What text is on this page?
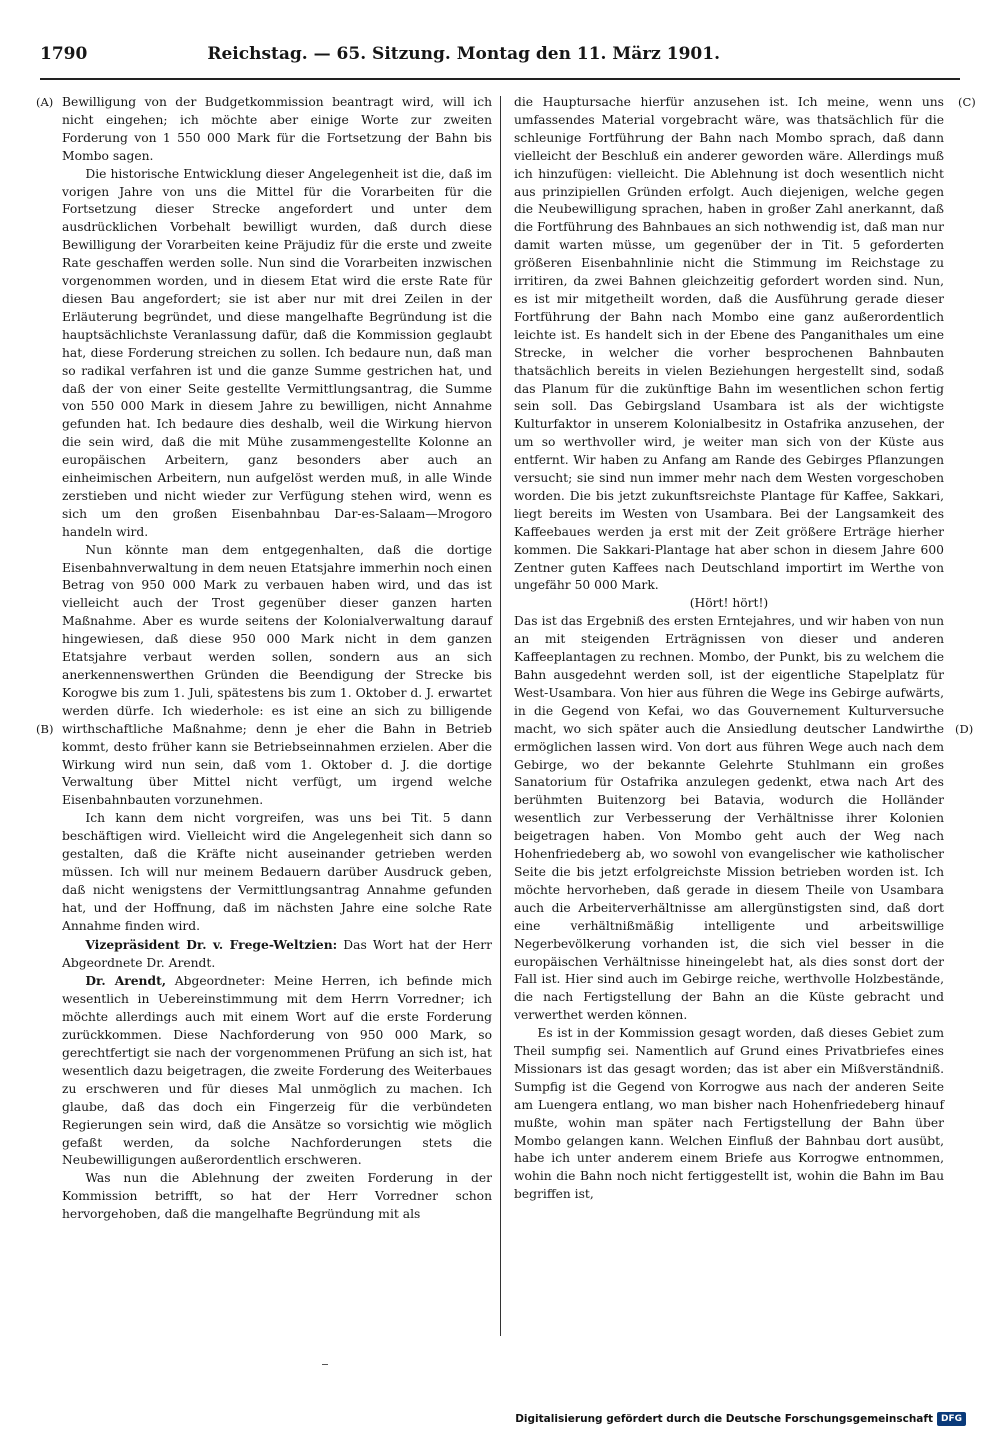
1790	Reichstag. — 65. Sitzung. Montag den 11. März 1901.
(A)
(B)
(C)
(D)

Bewilligung von der Budgetkommission beantragt wird, will ich nicht eingehen; ich möchte aber einige Worte zur zweiten Forderung von 1 550 000 Mark für die Fortsetzung der Bahn bis Mombo sagen.

Die historische Entwicklung dieser Angelegenheit ist die, daß im vorigen Jahre von uns die Mittel für die Vorarbeiten für die Fortsetzung dieser Strecke angefordert und unter dem ausdrücklichen Vorbehalt bewilligt wurden, daß durch diese Bewilligung der Vorarbeiten keine Präjudiz für die erste und zweite Rate geschaffen werden solle. Nun sind die Vorarbeiten inzwischen vorgenommen worden, und in diesem Etat wird die erste Rate für diesen Bau angefordert; sie ist aber nur mit drei Zeilen in der Erläuterung begründet, und diese mangelhafte Begründung ist die hauptsächlichste Veranlassung dafür, daß die Kommission geglaubt hat, diese Forderung streichen zu sollen. Ich bedaure nun, daß man so radikal verfahren ist und die ganze Summe gestrichen hat, und daß der von einer Seite gestellte Vermittlungsantrag, die Summe von 550 000 Mark in diesem Jahre zu bewilligen, nicht Annahme gefunden hat. Ich bedaure dies deshalb, weil die Wirkung hiervon die sein wird, daß die mit Mühe zusammengestellte Kolonne an europäischen Arbeitern, ganz besonders aber auch an einheimischen Arbeitern, nun aufgelöst werden muß, in alle Winde zerstieben und nicht wieder zur Verfügung stehen wird, wenn es sich um den großen Eisenbahnbau Dar-es-Salaam—Mrogoro handeln wird.

Nun könnte man dem entgegenhalten, daß die dortige Eisenbahnverwaltung in dem neuen Etatsjahre immerhin noch einen Betrag von 950 000 Mark zu verbauen haben wird, und das ist vielleicht auch der Trost gegenüber dieser ganzen harten Maßnahme. Aber es wurde seitens der Kolonialverwaltung darauf hingewiesen, daß diese 950 000 Mark nicht in dem ganzen Etatsjahre verbaut werden sollen, sondern aus an sich anerkennenswerthen Gründen die Beendigung der Strecke bis Korogwe bis zum 1. Juli, spätestens bis zum 1. Oktober d. J. erwartet werden dürfe. Ich wiederhole: es ist eine an sich zu billigende wirthschaftliche Maßnahme; denn je eher die Bahn in Betrieb kommt, desto früher kann sie Betriebseinnahmen erzielen. Aber die Wirkung wird nun sein, daß vom 1. Oktober d. J. die dortige Verwaltung über Mittel nicht verfügt, um irgend welche Eisenbahnbauten vorzunehmen.

Ich kann dem nicht vorgreifen, was uns bei Tit. 5 dann beschäftigen wird. Vielleicht wird die Angelegenheit sich dann so gestalten, daß die Kräfte nicht auseinander getrieben werden müssen. Ich will nur meinem Bedauern darüber Ausdruck geben, daß nicht wenigstens der Vermittlungsantrag Annahme gefunden hat, und der Hoffnung, daß im nächsten Jahre eine solche Rate Annahme finden wird.

Vizepräsident Dr. v. Frege-Weltzien: Das Wort hat der Herr Abgeordnete Dr. Arendt.

Dr. Arendt, Abgeordneter: Meine Herren, ich befinde mich wesentlich in Uebereinstimmung mit dem Herrn Vorredner; ich möchte allerdings auch mit einem Wort auf die erste Forderung zurückkommen. Diese Nachforderung von 950 000 Mark, so gerechtfertigt sie nach der vorgenommenen Prüfung an sich ist, hat wesentlich dazu beigetragen, die zweite Forderung des Weiterbaues zu erschweren und für dieses Mal unmöglich zu machen. Ich glaube, daß das doch ein Fingerzeig für die verbündeten Regierungen sein wird, daß die Ansätze so vorsichtig wie möglich gefaßt werden, da solche Nachforderungen stets die Neubewilligungen außerordentlich erschweren.

Was nun die Ablehnung der zweiten Forderung in der Kommission betrifft, so hat der Herr Vorredner schon hervorgehoben, daß die mangelhafte Begründung mit als

die Hauptursache hierfür anzusehen ist. Ich meine, wenn uns umfassendes Material vorgebracht wäre, was thatsächlich für die schleunige Fortführung der Bahn nach Mombo sprach, daß dann vielleicht der Beschluß ein anderer geworden wäre. Allerdings muß ich hinzufügen: vielleicht. Die Ablehnung ist doch wesentlich nicht aus prinzipiellen Gründen erfolgt. Auch diejenigen, welche gegen die Neubewilligung sprachen, haben in großer Zahl anerkannt, daß die Fortführung des Bahnbaues an sich nothwendig ist, daß man nur damit warten müsse, um gegenüber der in Tit. 5 geforderten größeren Eisenbahnlinie nicht die Stimmung im Reichstage zu irritiren, da zwei Bahnen gleichzeitig gefordert worden sind. Nun, es ist mir mitgetheilt worden, daß die Ausführung gerade dieser Fortführung der Bahn nach Mombo eine ganz außerordentlich leichte ist. Es handelt sich in der Ebene des Panganithales um eine Strecke, in welcher die vorher besprochenen Bahnbauten thatsächlich bereits in vielen Beziehungen hergestellt sind, sodaß das Planum für die zukünftige Bahn im wesentlichen schon fertig sein soll. Das Gebirgsland Usambara ist als der wichtigste Kulturfaktor in unserem Kolonialbesitz in Ostafrika anzusehen, der um so werthvoller wird, je weiter man sich von der Küste aus entfernt. Wir haben zu Anfang am Rande des Gebirges Pflanzungen versucht; sie sind nun immer mehr nach dem Westen vorgeschoben worden. Die bis jetzt zukunftsreichste Plantage für Kaffee, Sakkari, liegt bereits im Westen von Usambara. Bei der Langsamkeit des Kaffeebaues werden ja erst mit der Zeit größere Erträge hierher kommen. Die Sakkari-Plantage hat aber schon in diesem Jahre 600 Zentner guten Kaffees nach Deutschland importirt im Werthe von ungefähr 50 000 Mark.

(Hört! hört!)

Das ist das Ergebniß des ersten Erntejahres, und wir haben von nun an mit steigenden Erträgnissen von dieser und anderen Kaffeeplantagen zu rechnen. Mombo, der Punkt, bis zu welchem die Bahn ausgedehnt werden soll, ist der eigentliche Stapelplatz für West-Usambara. Von hier aus führen die Wege ins Gebirge aufwärts, in die Gegend von Kefai, wo das Gouvernement Kulturversuche macht, wo sich später auch die Ansiedlung deutscher Landwirthe ermöglichen lassen wird. Von dort aus führen Wege auch nach dem Gebirge, wo der bekannte Gelehrte Stuhlmann ein großes Sanatorium für Ostafrika anzulegen gedenkt, etwa nach Art des berühmten Buitenzorg bei Batavia, wodurch die Holländer wesentlich zur Verbesserung der Verhältnisse ihrer Kolonien beigetragen haben. Von Mombo geht auch der Weg nach Hohenfriedeberg ab, wo sowohl von evangelischer wie katholischer Seite die bis jetzt erfolgreichste Mission betrieben worden ist. Ich möchte hervorheben, daß gerade in diesem Theile von Usambara auch die Arbeiterverhältnisse am allergünstigsten sind, daß dort eine verhältnißmäßig intelligente und arbeitswillige Negerbevölkerung vorhanden ist, die sich viel besser in die europäischen Verhältnisse hineingelebt hat, als dies sonst dort der Fall ist. Hier sind auch im Gebirge reiche, werthvolle Holzbestände, die nach Fertigstellung der Bahn an die Küste gebracht und verwerthet werden können.

Es ist in der Kommission gesagt worden, daß dieses Gebiet zum Theil sumpfig sei. Namentlich auf Grund eines Privatbriefes eines Missionars ist das gesagt worden; das ist aber ein Mißverständniß. Sumpfig ist die Gegend von Korrogwe aus nach der anderen Seite am Luengera entlang, wo man bisher nach Hohenfriedeberg hinauf mußte, wohin man später nach Fertigstellung der Bahn über Mombo gelangen kann. Welchen Einfluß der Bahnbau dort ausübt, habe ich unter anderem einem Briefe aus Korrogwe entnommen, wohin die Bahn noch nicht fertiggestellt ist, wohin die Bahn im Bau begriffen ist,

Digitalisierung gefördert durch die Deutsche Forschungsgemeinschaft DFG
